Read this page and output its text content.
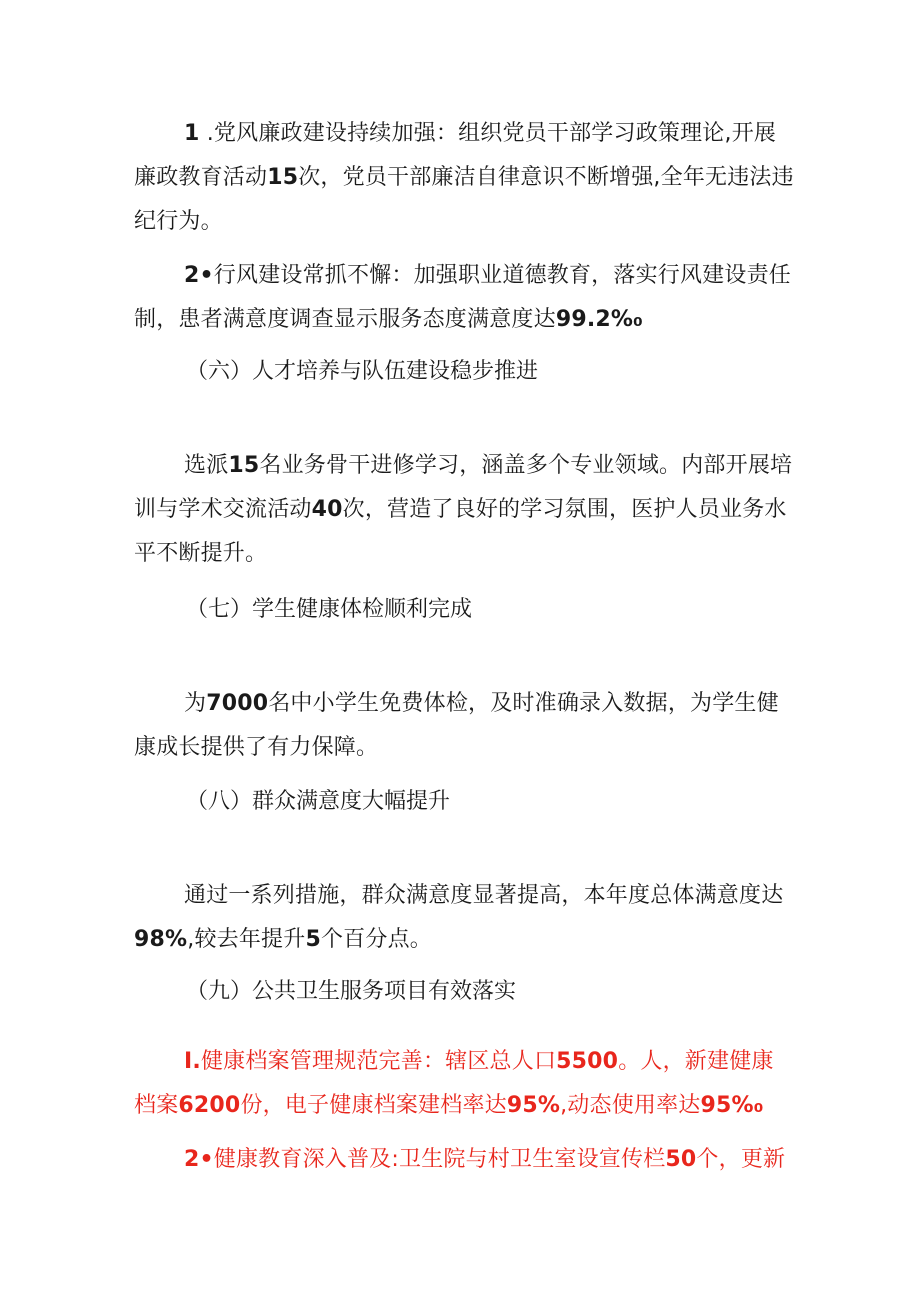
1 .党风廉政建设持续加强：组织党员干部学习政策理论,开展廉政教育活动15次，党员干部廉洁自律意识不断增强,全年无违法违纪行为。

2•行风建设常抓不懈：加强职业道德教育，落实行风建设责任制，患者满意度调查显示服务态度满意度达99.2%₀

（六）人才培养与队伍建设稳步推进

选派15名业务骨干进修学习，涵盖多个专业领域。内部开展培训与学术交流活动40次，营造了良好的学习氛围，医护人员业务水平不断提升。

（七）学生健康体检顺利完成

为7000名中小学生免费体检，及时准确录入数据，为学生健康成长提供了有力保障。

（八）群众满意度大幅提升

通过一系列措施，群众满意度显著提高，本年度总体满意度达98%,较去年提升5个百分点。

（九）公共卫生服务项目有效落实

I.健康档案管理规范完善：辖区总人口5500。人，新建健康档案6200份，电子健康档案建档率达95%,动态使用率达95%₀

2•健康教育深入普及:卫生院与村卫生室设宣传栏50个，更新
